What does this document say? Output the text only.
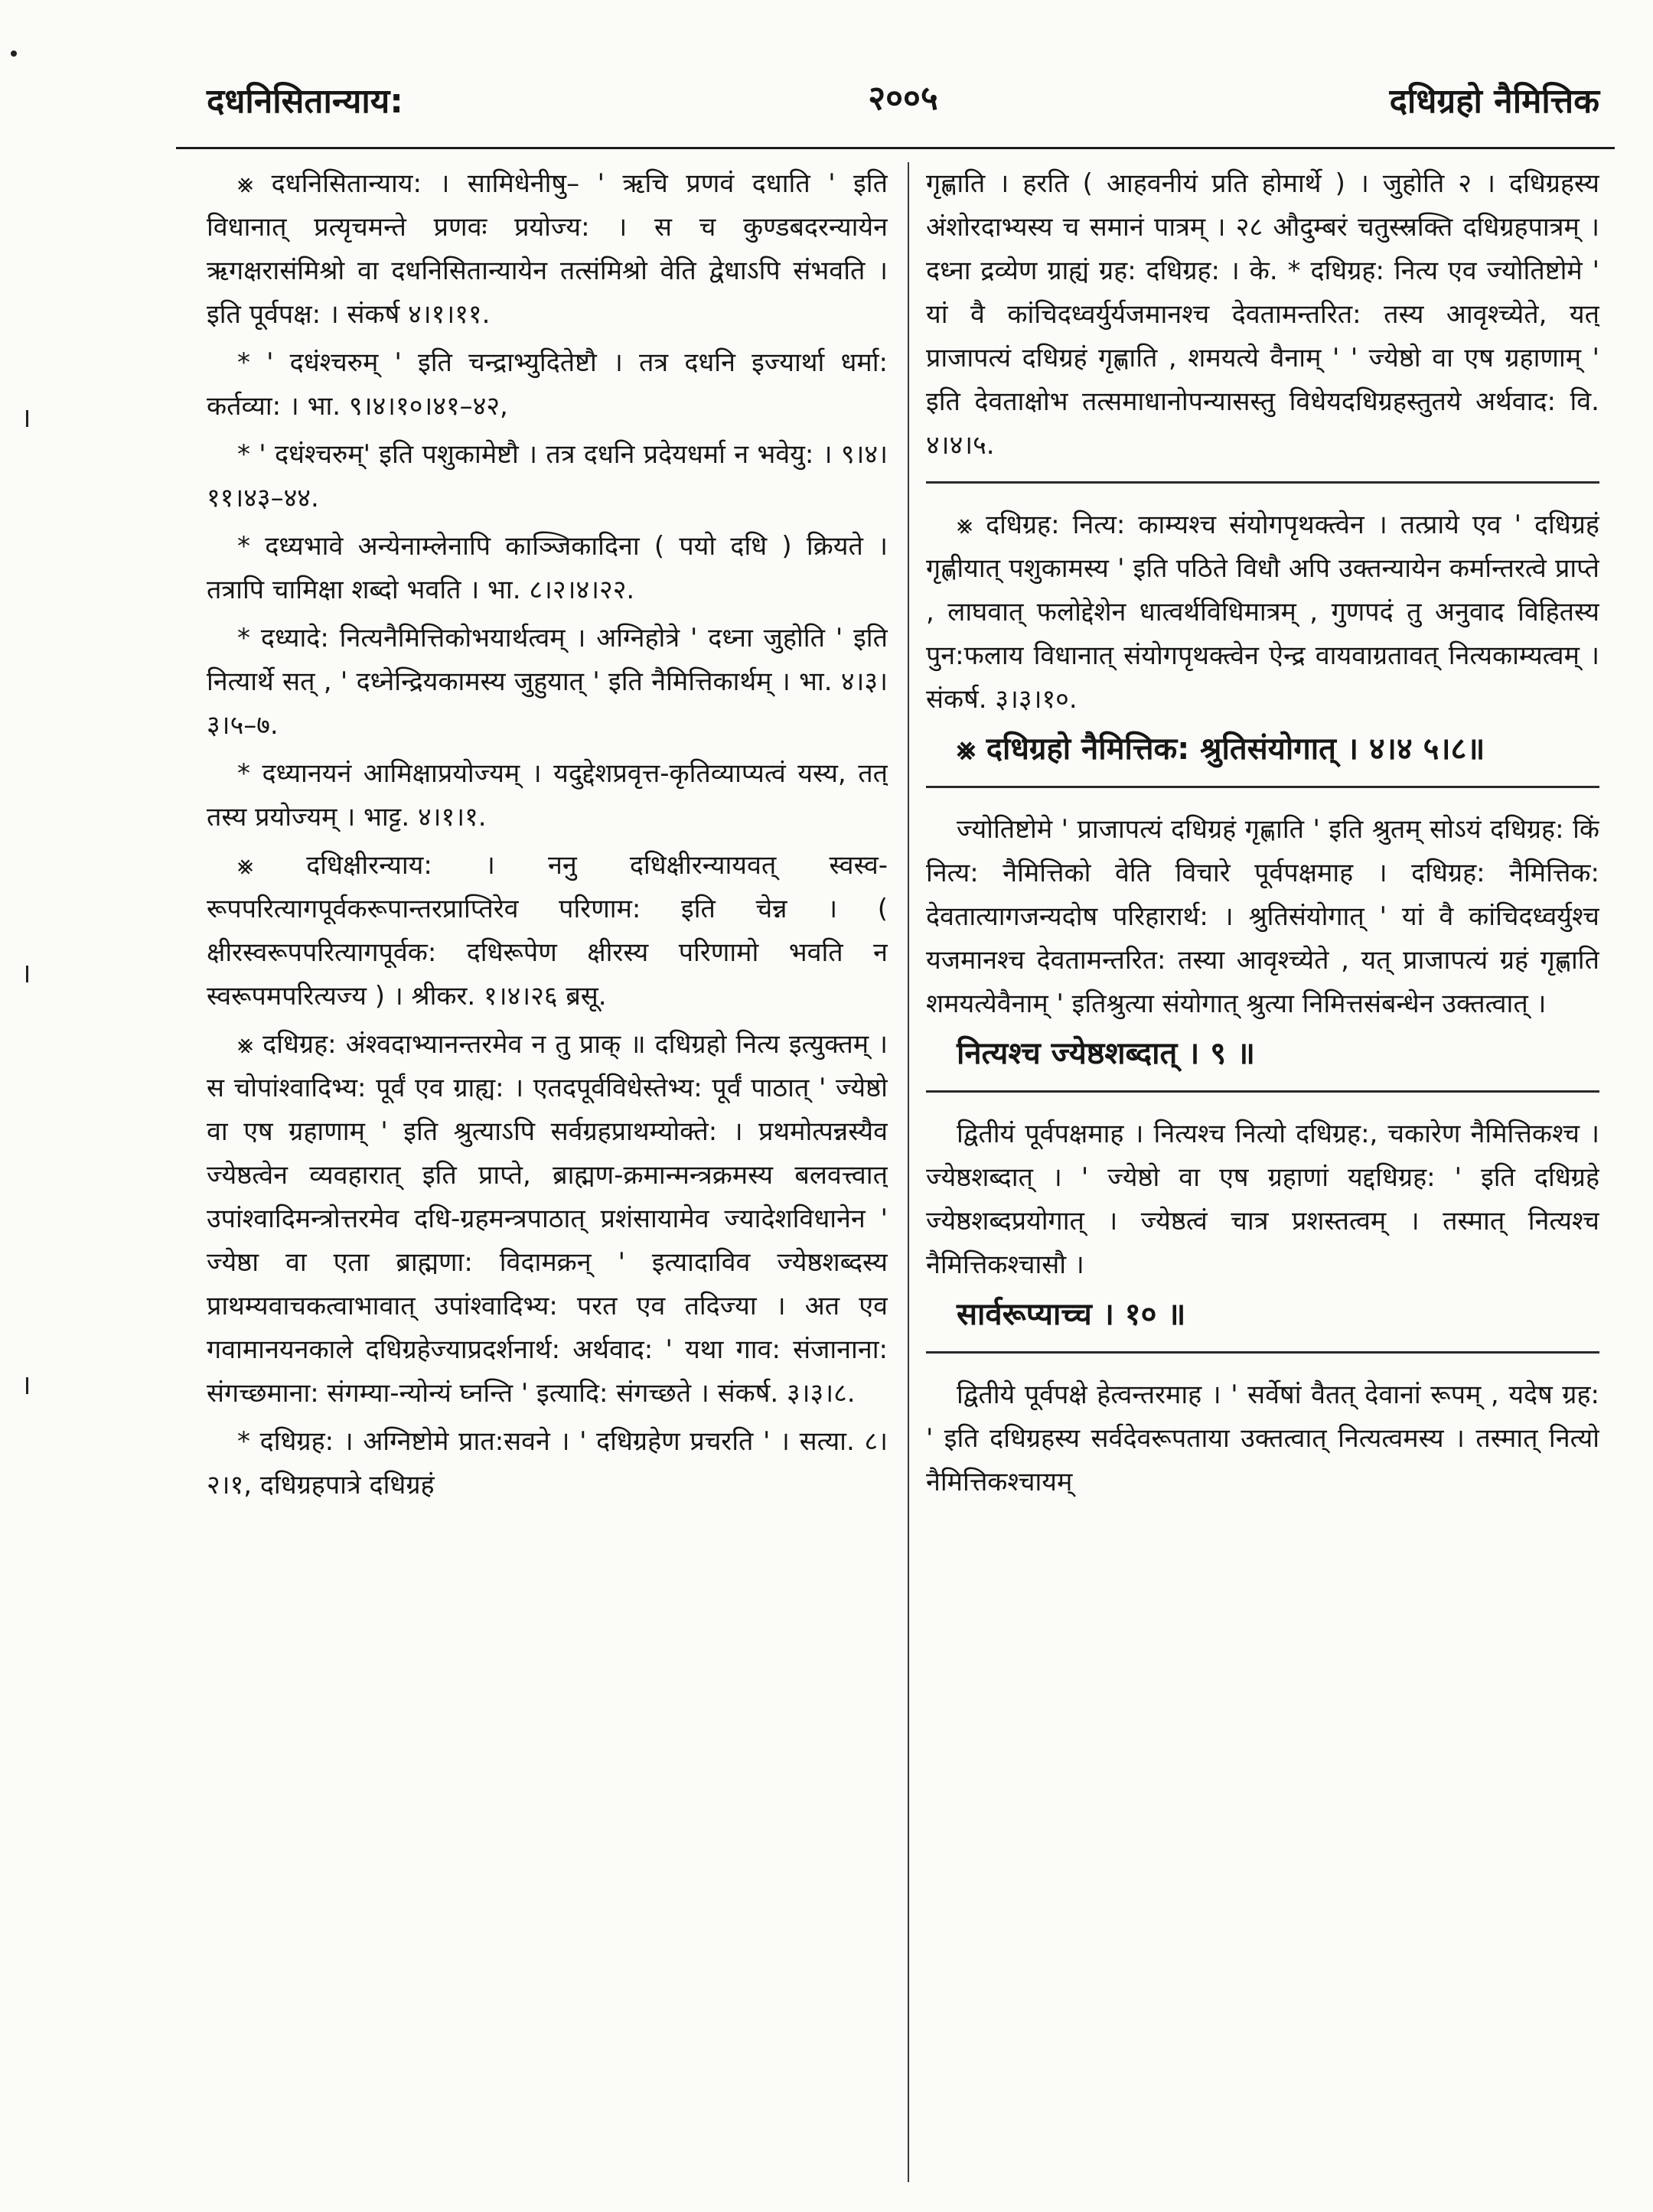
दधनिसितान्याय:	२००५	दधिग्रहो नैमित्तिक

⨳ दधनिसितान्याय: । सामिधेनीषु– ' ऋचि प्रणवं दधाति ' इति विधानात् प्रत्यृचमन्ते प्रणवः प्रयोज्य: । स च कुण्डबदरन्यायेन ऋगक्षरासंमिश्रो वा दधनिसितान्यायेन तत्संमिश्रो वेति द्वेधाऽपि संभवति । इति पूर्वपक्ष: । संकर्ष ४।१।११.

* ' दधंश्चरुम् ' इति चन्द्राभ्युदितेष्टौ । तत्र दधनि इज्यार्था धर्मा: कर्तव्या: । भा. ९।४।१०।४१–४२,

* ' दधंश्चरुम्' इति पशुकामेष्टौ । तत्र दधनि प्रदेयधर्मा न भवेयु: । ९।४।११।४३–४४.

* दध्यभावे अन्येनाम्लेनापि काञ्जिकादिना ( पयो दधि ) क्रियते । तत्रापि चामिक्षा शब्दो भवति । भा. ८।२।४।२२.

* दध्यादे: नित्यनैमित्तिकोभयार्थत्वम् । अग्निहोत्रे ' दध्ना जुहोति ' इति नित्यार्थे सत् , ' दध्नेन्द्रियकामस्य जुहुयात् ' इति नैमित्तिकार्थम् । भा. ४।३।३।५–७.

* दध्यानयनं आमिक्षाप्रयोज्यम् । यदुद्देशप्रवृत्त-कृतिव्याप्यत्वं यस्य, तत् तस्य प्रयोज्यम् । भाट्ट. ४।१।१.

⨳ दधिक्षीरन्याय: । ननु दधिक्षीरन्यायवत् स्वस्व-रूपपरित्यागपूर्वकरूपान्तरप्राप्तिरेव परिणाम: इति चेन्न । ( क्षीरस्वरूपपरित्यागपूर्वक: दधिरूपेण क्षीरस्य परिणामो भवति न स्वरूपमपरित्यज्य ) । श्रीकर. १।४।२६ ब्रसू.

⨳ दधिग्रह: अंश्वदाभ्यानन्तरमेव न तु प्राक् ॥ दधिग्रहो नित्य इत्युक्तम् । स चोपांश्वादिभ्य: पूर्वं एव ग्राह्य: । एतदपूर्वविधेस्तेभ्य: पूर्वं पाठात् ' ज्येष्ठो वा एष ग्रहाणाम् ' इति श्रुत्याऽपि सर्वग्रहप्राथम्योक्ते: । प्रथमोत्पन्नस्यैव ज्येष्ठत्वेन व्यवहारात् इति प्राप्ते, ब्राह्मण-क्रमान्मन्त्रक्रमस्य बलवत्त्वात् उपांश्वादिमन्त्रोत्तरमेव दधि-ग्रहमन्त्रपाठात् प्रशंसायामेव ज्यादेशविधानेन ' ज्येष्ठा वा एता ब्राह्मणा: विदामक्रन् ' इत्यादाविव ज्येष्ठशब्दस्य प्राथम्यवाचकत्वाभावात् उपांश्वादिभ्य: परत एव तदिज्या । अत एव गवामानयनकाले दधिग्रहेज्याप्रदर्शनार्थ: अर्थवाद: ' यथा गाव: संजानाना: संगच्छमाना: संगम्या-न्योन्यं घ्नन्ति ' इत्यादि: संगच्छते । संकर्ष. ३।३।८.

* दधिग्रह: । अग्निष्टोमे प्रात:सवने । ' दधिग्रहेण प्रचरति ' । सत्या. ८।२।१, दधिग्रहपात्रे दधिग्रहं

गृह्णाति । हरति ( आहवनीयं प्रति होमार्थे ) । जुहोति २ । दधिग्रहस्य अंशोरदाभ्यस्य च समानं पात्रम् । २८ औदुम्बरं चतुस्स्रक्ति दधिग्रहपात्रम् । दध्ना द्रव्येण ग्राह्यं ग्रह: दधिग्रह: । के. * दधिग्रह: नित्य एव ज्योतिष्टोमे ' यां वै कांचिदध्वर्युर्यजमानश्च देवतामन्तरित: तस्य आवृश्च्येते, यत् प्राजापत्यं दधिग्रहं गृह्णाति , शमयत्ये वैनाम् ' ' ज्येष्ठो वा एष ग्रहाणाम् ' इति देवताक्षोभ तत्समाधानोपन्यासस्तु विधेयदधिग्रहस्तुतये अर्थवाद: वि. ४।४।५.

⨳ दधिग्रह: नित्य: काम्यश्च संयोगपृथक्त्वेन । तत्प्राये एव ' दधिग्रहं गृह्णीयात् पशुकामस्य ' इति पठिते विधौ अपि उक्तन्यायेन कर्मान्तरत्वे प्राप्ते , लाघवात् फलोद्देशेन धात्वर्थविधिमात्रम् , गुणपदं तु अनुवाद विहितस्य पुन:फलाय विधानात् संयोगपृथक्त्वेन ऐन्द्र वायवाग्रतावत् नित्यकाम्यत्वम् । संकर्ष. ३।३।१०.

⨳ दधिग्रहो नैमित्तिक: श्रुतिसंयोगात् । ४।४ ५।८॥

ज्योतिष्टोमे ' प्राजापत्यं दधिग्रहं गृह्णाति ' इति श्रुतम् सोऽयं दधिग्रह: किं नित्य: नैमित्तिको वेति विचारे पूर्वपक्षमाह । दधिग्रह: नैमित्तिक: देवतात्यागजन्यदोष परिहारार्थ: । श्रुतिसंयोगात् ' यां वै कांचिदध्वर्युश्च यजमानश्च देवतामन्तरित: तस्या आवृश्च्येते , यत् प्राजापत्यं ग्रहं गृह्णाति शमयत्येवैनाम् ' इतिश्रुत्या संयोगात् श्रुत्या निमित्तसंबन्धेन उक्तत्वात् ।

नित्यश्च ज्येष्ठशब्दात् । ९ ॥

द्वितीयं पूर्वपक्षमाह । नित्यश्च नित्यो दधिग्रह:, चकारेण नैमित्तिकश्च । ज्येष्ठशब्दात् । ' ज्येष्ठो वा एष ग्रहाणां यद्दधिग्रह: ' इति दधिग्रहे ज्येष्ठशब्दप्रयोगात् । ज्येष्ठत्वं चात्र प्रशस्तत्वम् । तस्मात् नित्यश्च नैमित्तिकश्चासौ ।

सार्वरूप्याच्च । १० ॥

द्वितीये पूर्वपक्षे हेत्वन्तरमाह । ' सर्वेषां वैतत् देवानां रूपम् , यदेष ग्रह: ' इति दधिग्रहस्य सर्वदेवरूपताया उक्तत्वात् नित्यत्वमस्य । तस्मात् नित्यो नैमित्तिकश्चायम्
